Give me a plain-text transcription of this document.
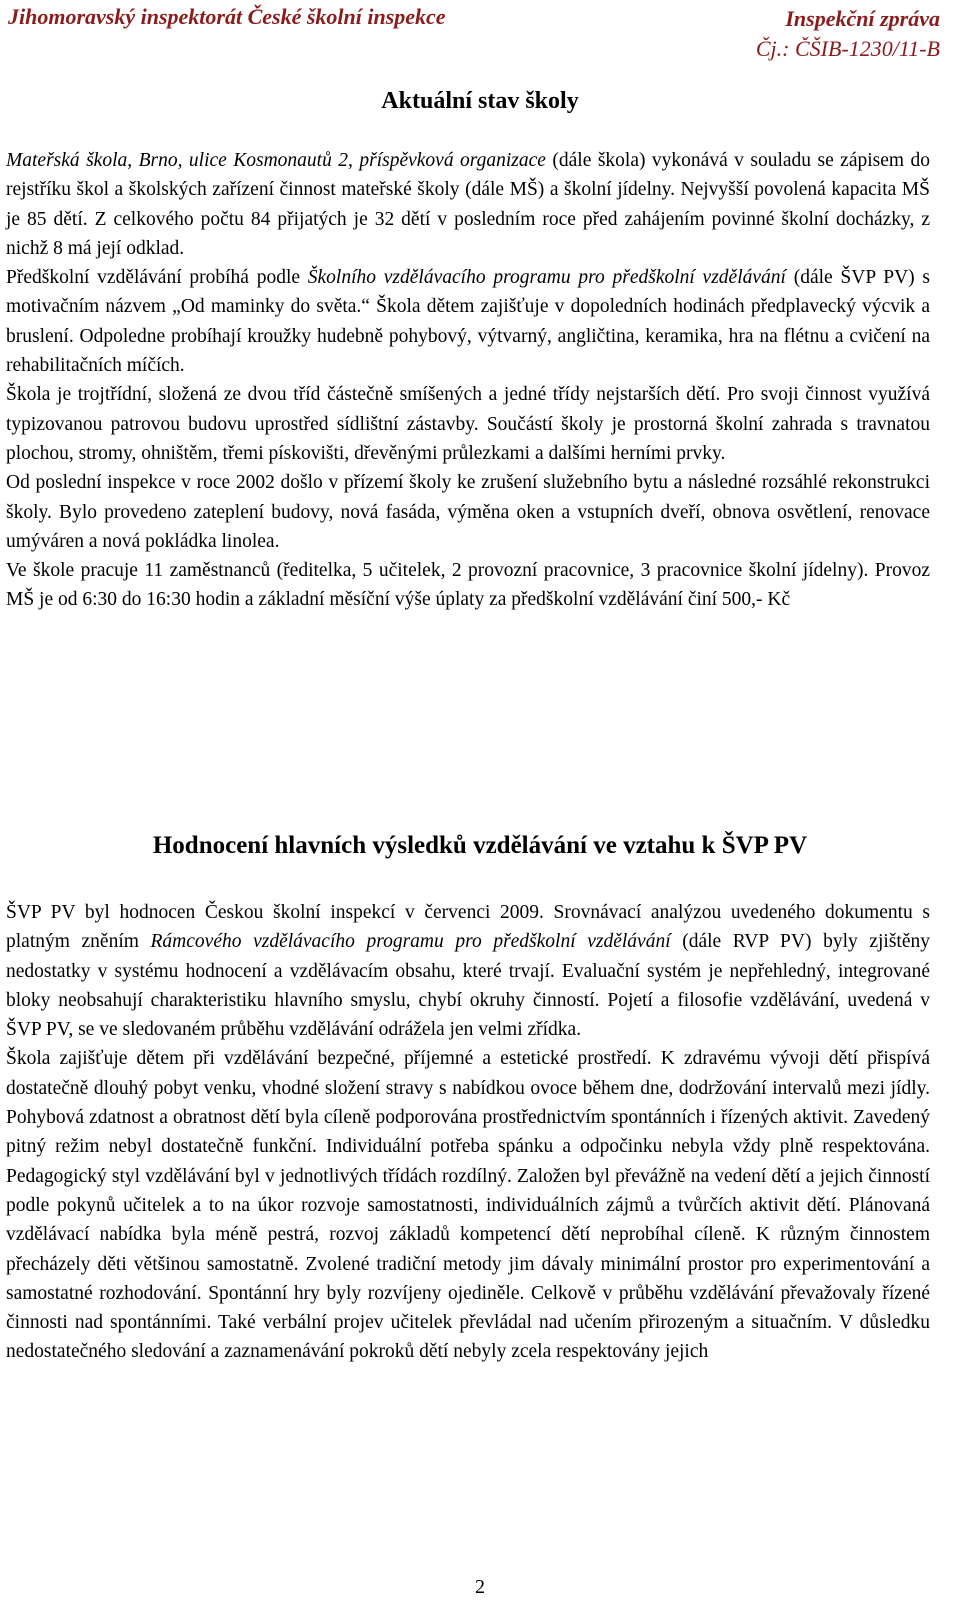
Jihomoravský inspektorát České školní inspekce	Inspekční zpráva
Čj.: ČŠIB-1230/11-B
Aktuální stav školy

Mateřská škola, Brno, ulice Kosmonautů 2, příspěvková organizace (dále škola) vykonává v souladu se zápisem do rejstříku škol a školských zařízení činnost mateřské školy (dále MŠ) a školní jídelny. Nejvyšší povolená kapacita MŠ je 85 dětí. Z celkového počtu 84 přijatých je 32 dětí v posledním roce před zahájením povinné školní docházky, z nichž 8 má její odklad.

Předškolní vzdělávání probíhá podle Školního vzdělávacího programu pro předškolní vzdělávání (dále ŠVP PV) s motivačním názvem „Od maminky do světa.“ Škola dětem zajišťuje v dopoledních hodinách předplavecký výcvik a bruslení. Odpoledne probíhají kroužky hudebně pohybový, výtvarný, angličtina, keramika, hra na flétnu a cvičení na rehabilitačních míčích.

Škola je trojtřídní, složená ze dvou tříd částečně smíšených a jedné třídy nejstarších dětí. Pro svoji činnost využívá typizovanou patrovou budovu uprostřed sídlištní zástavby. Součástí školy je prostorná školní zahrada s travnatou plochou, stromy, ohništěm, třemi pískovišti, dřevěnými průlezkami a dalšími herními prvky.

Od poslední inspekce v roce 2002 došlo v přízemí školy ke zrušení služebního bytu a následné rozsáhlé rekonstrukci školy. Bylo provedeno zateplení budovy, nová fasáda, výměna oken a vstupních dveří, obnova osvětlení, renovace umýváren a nová pokládka linolea.

Ve škole pracuje 11 zaměstnanců (ředitelka, 5 učitelek, 2 provozní pracovnice, 3 pracovnice školní jídelny). Provoz MŠ je od 6:30 do 16:30 hodin a základní měsíční výše úplaty za předškolní vzdělávání činí 500,- Kč

Hodnocení hlavních výsledků vzdělávání ve vztahu k ŠVP PV

ŠVP PV byl hodnocen Českou školní inspekcí v červenci 2009. Srovnávací analýzou uvedeného dokumentu s platným zněním Rámcového vzdělávacího programu pro předškolní vzdělávání (dále RVP PV) byly zjištěny nedostatky v systému hodnocení a vzdělávacím obsahu, které trvají. Evaluační systém je nepřehledný, integrované bloky neobsahují charakteristiku hlavního smyslu, chybí okruhy činností. Pojetí a filosofie vzdělávání, uvedená v ŠVP PV, se ve sledovaném průběhu vzdělávání odrážela jen velmi zřídka.

Škola zajišťuje dětem při vzdělávání bezpečné, příjemné a estetické prostředí. K zdravému vývoji dětí přispívá dostatečně dlouhý pobyt venku, vhodné složení stravy s nabídkou ovoce během dne, dodržování intervalů mezi jídly. Pohybová zdatnost a obratnost dětí byla cíleně podporována prostřednictvím spontánních i řízených aktivit. Zavedený pitný režim nebyl dostatečně funkční. Individuální potřeba spánku a odpočinku nebyla vždy plně respektována. Pedagogický styl vzdělávání byl v jednotlivých třídách rozdílný. Založen byl převážně na vedení dětí a jejich činností podle pokynů učitelek a to na úkor rozvoje samostatnosti, individuálních zájmů a tvůrčích aktivit dětí. Plánovaná vzdělávací nabídka byla méně pestrá, rozvoj základů kompetencí dětí neprobíhal cíleně. K různým činnostem přecházely děti většinou samostatně. Zvolené tradiční metody jim dávaly minimální prostor pro experimentování a samostatné rozhodování. Spontánní hry byly rozvíjeny ojediněle. Celkově v průběhu vzdělávání převažovaly řízené činnosti nad spontánními. Také verbální projev učitelek převládal nad učením přirozeným a situačním. V důsledku nedostatečného sledování a zaznamenávání pokroků dětí nebyly zcela respektovány jejich

2
